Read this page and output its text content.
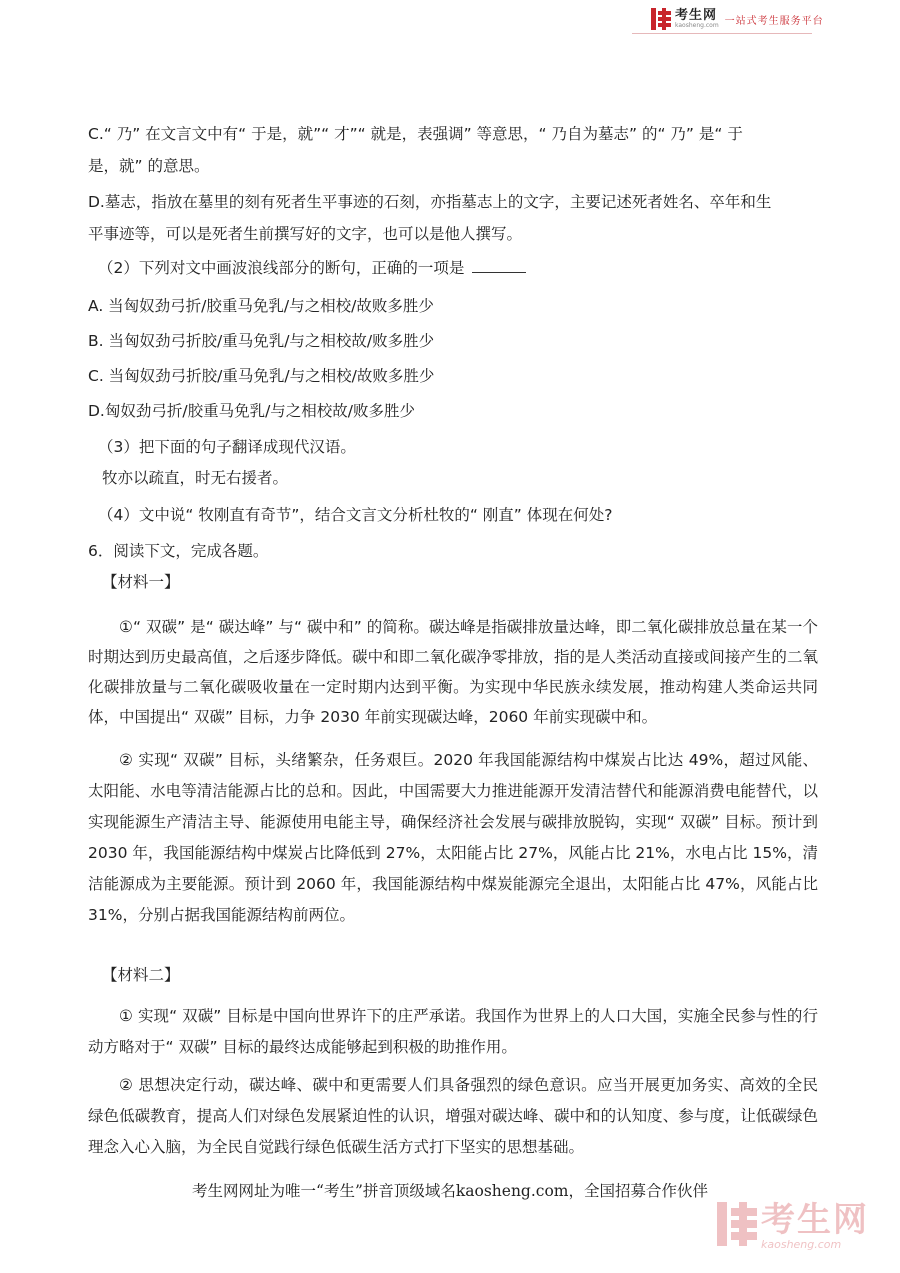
考生网
kaosheng.com 一站式考生服务平台
C.“ 乃” 在文言文中有“ 于是，就”“ 才”“ 就是，表强调” 等意思，“ 乃自为墓志” 的“ 乃” 是“ 于
是，就” 的意思。
D.墓志，指放在墓里的刻有死者生平事迹的石刻，亦指墓志上的文字，主要记述死者姓名、卒年和生
平事迹等，可以是死者生前撰写好的文字，也可以是他人撰写。
（2）下列对文中画波浪线部分的断句，正确的一项是
A. 当匈奴劲弓折/胶重马免乳/与之相校/故败多胜少
B. 当匈奴劲弓折胶/重马免乳/与之相校故/败多胜少
C. 当匈奴劲弓折胶/重马免乳/与之相校/故败多胜少
D.匈奴劲弓折/胶重马免乳/与之相校故/败多胜少
（3）把下面的句子翻译成现代汉语。
牧亦以疏直，时无右援者。
（4）文中说“ 牧刚直有奇节”，结合文言文分析杜牧的“ 刚直” 体现在何处?
6．阅读下文，完成各题。
【材料一】
①“ 双碳” 是“ 碳达峰” 与“ 碳中和” 的简称。碳达峰是指碳排放量达峰，即二氧化碳排放总量在某一个时期达到历史最高值，之后逐步降低。碳中和即二氧化碳净零排放，指的是人类活动直接或间接产生的二氧化碳排放量与二氧化碳吸收量在一定时期内达到平衡。为实现中华民族永续发展，推动构建人类命运共同体，中国提出“ 双碳” 目标，力争 2030 年前实现碳达峰，2060 年前实现碳中和。
② 实现“ 双碳” 目标，头绪繁杂，任务艰巨。2020 年我国能源结构中煤炭占比达 49%，超过风能、太阳能、水电等清洁能源占比的总和。因此，中国需要大力推进能源开发清洁替代和能源消费电能替代，以实现能源生产清洁主导、能源使用电能主导，确保经济社会发展与碳排放脱钩，实现“ 双碳” 目标。预计到 2030 年，我国能源结构中煤炭占比降低到 27%，太阳能占比 27%，风能占比 21%，水电占比 15%，清洁能源成为主要能源。预计到 2060 年，我国能源结构中煤炭能源完全退出，太阳能占比 47%，风能占比 31%，分别占据我国能源结构前两位。
【材料二】
① 实现“ 双碳” 目标是中国向世界许下的庄严承诺。我国作为世界上的人口大国，实施全民参与性的行动方略对于“ 双碳” 目标的最终达成能够起到积极的助推作用。
② 思想决定行动，碳达峰、碳中和更需要人们具备强烈的绿色意识。应当开展更加务实、高效的全民绿色低碳教育，提高人们对绿色发展紧迫性的认识，增强对碳达峰、碳中和的认知度、参与度，让低碳绿色理念入心入脑，为全民自觉践行绿色低碳生活方式打下坚实的思想基础。
考生网网址为唯一“考生”拼音顶级域名kaosheng.com，全国招募合作伙伴
考生网
kaosheng.com
